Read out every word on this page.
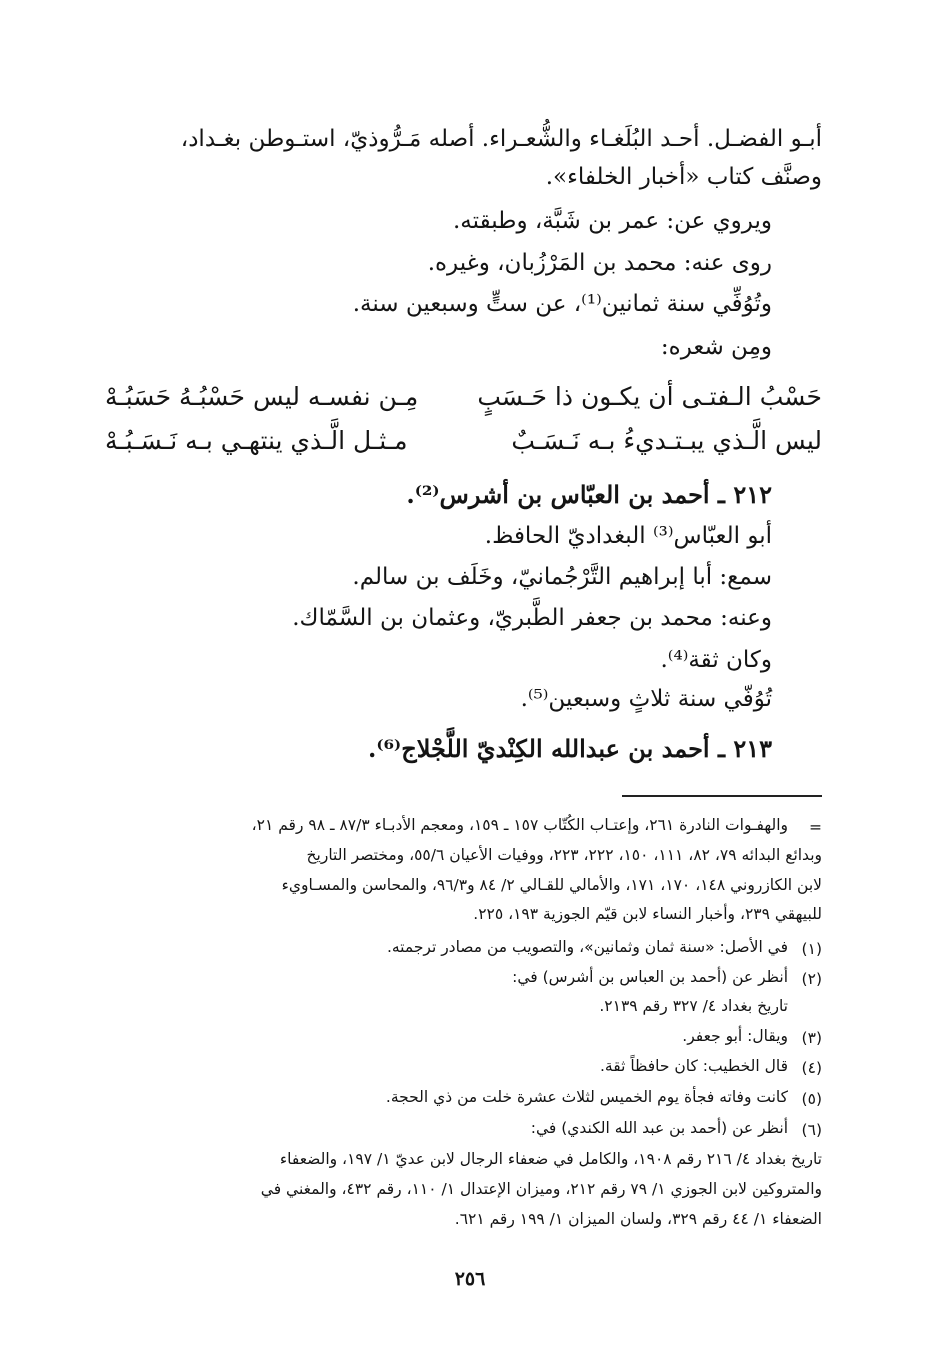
أبـو الفضـل. أحـد البُلَغـاء والشُّعـراء. أصله مَـرُّوذيّ، استـوطن بغـداد،

وصنَّف كتاب «أخبار الخلفاء».

ويروي عن: عمر بن شَبَّة، وطبقته.

روى عنه: محمد بن المَرْزُبان، وغيره.

وتُوُفِّي سنة ثمانين⁽¹⁾، عن ستٍّ وسبعين سنة.

ومِن شعره:

حَسْبُ الـفتـى أن يكـون ذا حَـسَبٍ

مِـن نفسـه ليس حَسْبُـهُ حَسَبُـهْ

ليس الَّـذي يبـتـديءُ بـه نَـسَـبٌ

مـثـل الَّـذي ينتهـي بـه نَـسَـبُـهْ

٢١٢ ـ أحمد بن العبّاس بن أشرس⁽²⁾.

أبو العبّاس⁽³⁾ البغداديّ الحافظ.

سمع: أبا إبراهيم التَّرْجُمانيّ، وخَلَف بن سالم.

وعنه: محمد بن جعفر الطَّبريّ، وعثمان بن السَّمّاك.

وكان ثقة⁽⁴⁾.

تُوُفّي سنة ثلاثٍ وسبعين⁽⁵⁾.

٢١٣ ـ أحمد بن عبدالله الكِنْديّ اللَّجْلاج⁽⁶⁾.

=

والهفـوات النادرة ٢٦١، وإعتـاب الكُتّاب ١٥٧ ـ ١٥٩، ومعجم الأدبـاء ٨٧/٣ ـ ٩٨ رقم ٢١،

وبدائع البدائه ٧٩، ٨٢، ١١١، ١٥٠، ٢٢٢، ٢٢٣، ووفيات الأعيان ٥٥/٦، ومختصر التاريخ

لابن الكازروني ١٤٨، ١٧٠، ١٧١، والأمالي للقـالي ٢/ ٨٤ و٩٦/٣، والمحاسن والمسـاويء

للبيهقي ٢٣٩، وأخبار النساء لابن قيّم الجوزية ١٩٣، ٢٢٥.

(١)

في الأصل: «سنة ثمان وثمانين»، والتصويب من مصادر ترجمته.

(٢)

أنظر عن (أحمد بن العباس بن أشرس) في:

تاريخ بغداد ٤/ ٣٢٧ رقم ٢١٣٩.

(٣)

ويقال: أبو جعفر.

(٤)

قال الخطيب: كان حافظاً ثقة.

(٥)

كانت وفاته فجأة يوم الخميس لثلاث عشرة خلت من ذي الحجة.

(٦)

أنظر عن (أحمد بن عبد الله الكندي) في:

تاريخ بغداد ٤/ ٢١٦ رقم ١٩٠٨، والكامل في ضعفاء الرجال لابن عديّ ١/ ١٩٧، والضعفاء

والمتروكين لابن الجوزي ١/ ٧٩ رقم ٢١٢، وميزان الإعتدال ١/ ١١٠، رقم ٤٣٢، والمغني في

الضعفاء ١/ ٤٤ رقم ٣٢٩، ولسان الميزان ١/ ١٩٩ رقم ٦٢١.

٢٥٦
